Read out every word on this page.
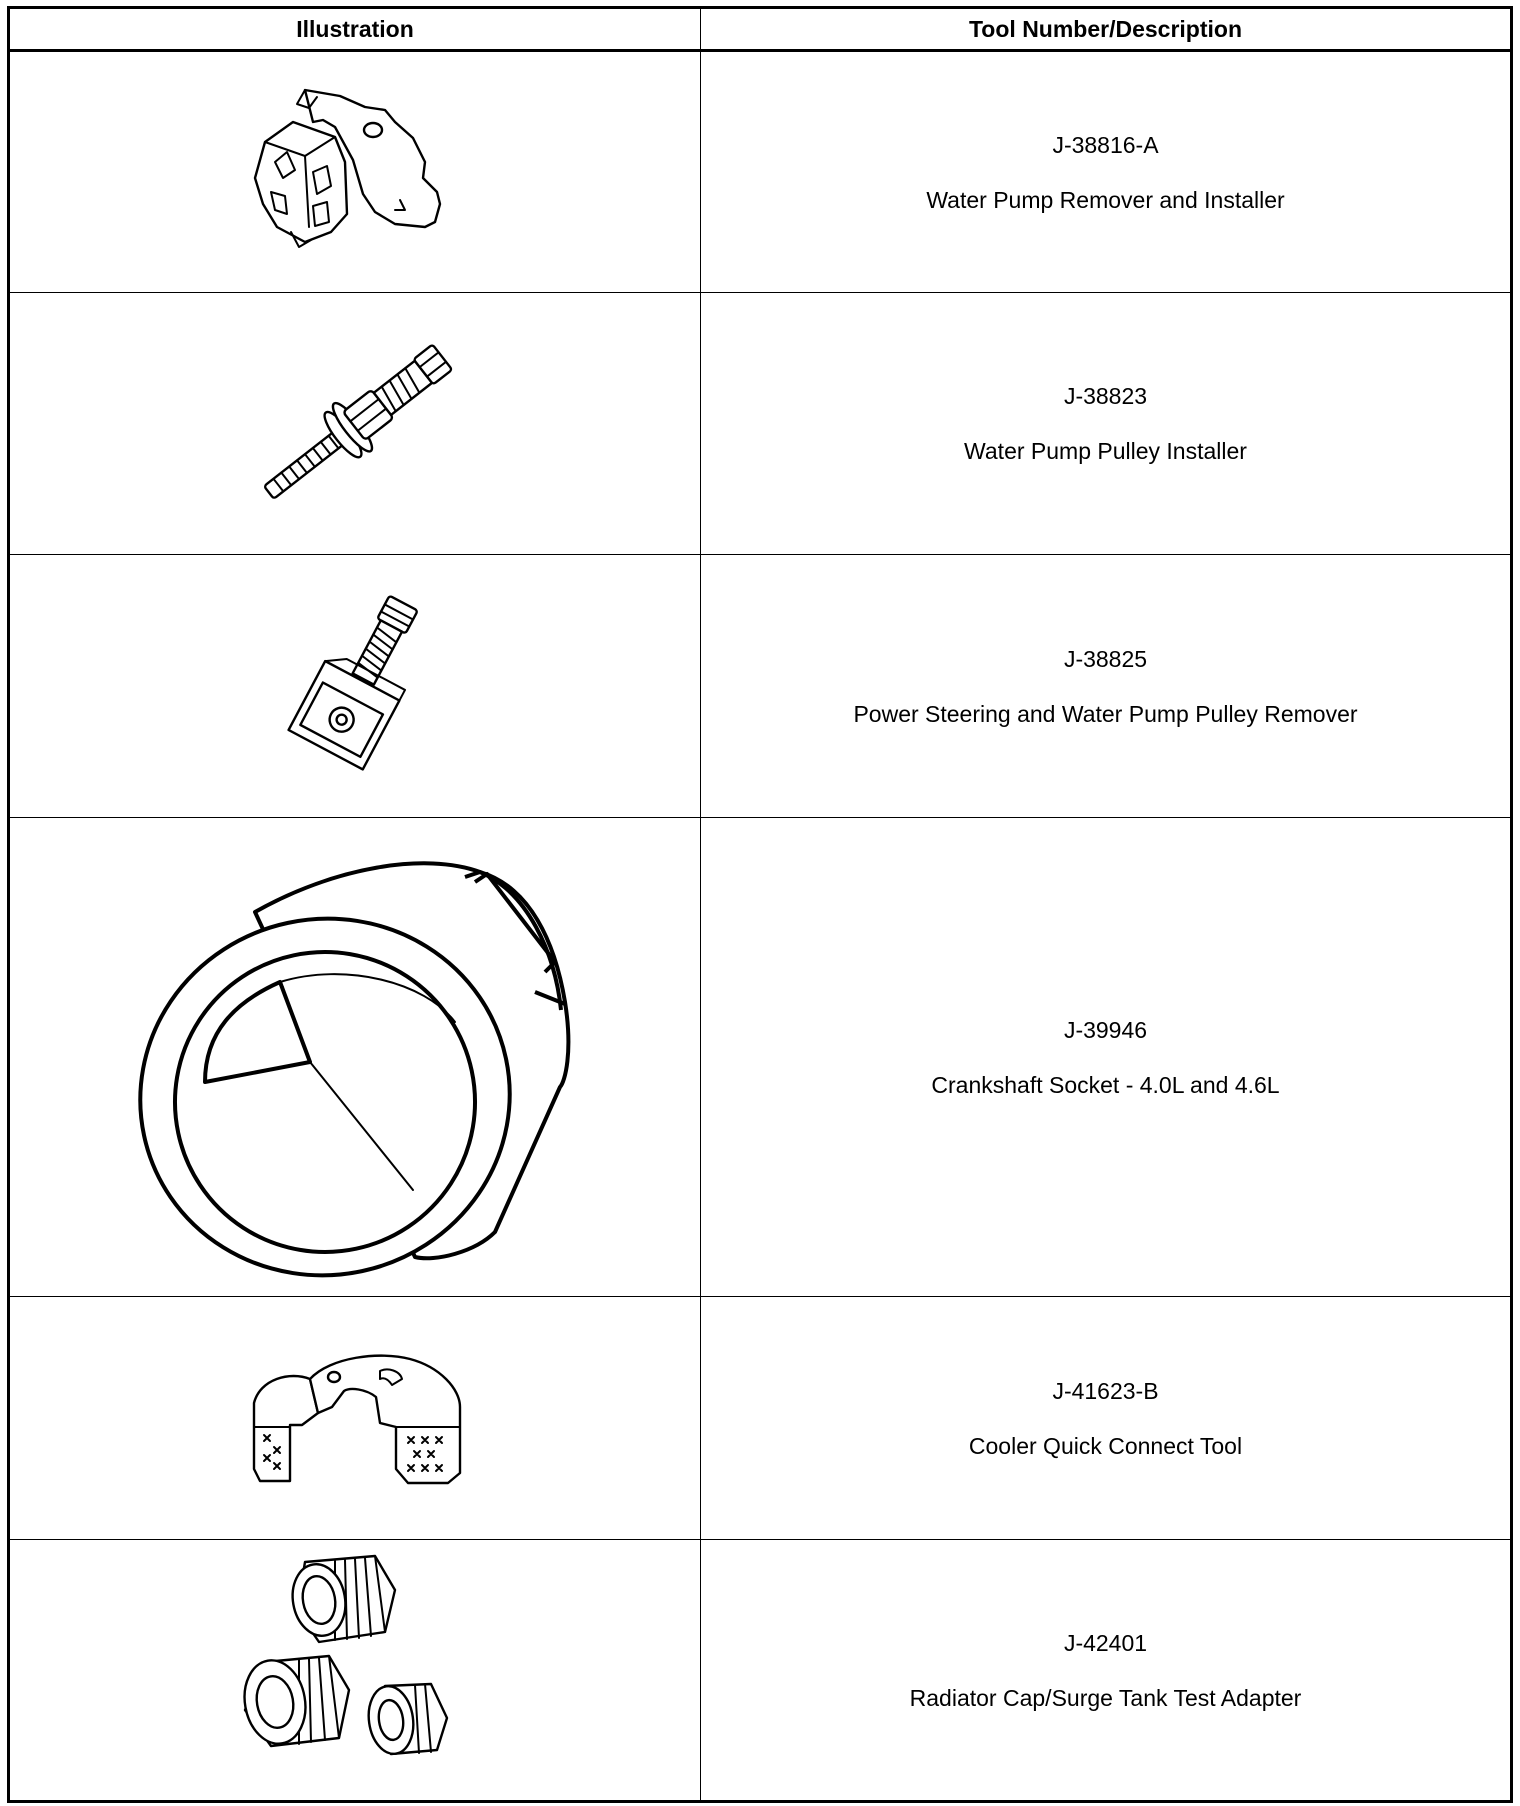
Illustration	Tool Number/Description

J-38816-A
Water Pump Remover and Installer

J-38823
Water Pump Pulley Installer

J-38825
Power Steering and Water Pump Pulley Remover

J-39946
Crankshaft Socket - 4.0L and 4.6L

J-41623-B
Cooler Quick Connect Tool

J-42401
Radiator Cap/Surge Tank Test Adapter
